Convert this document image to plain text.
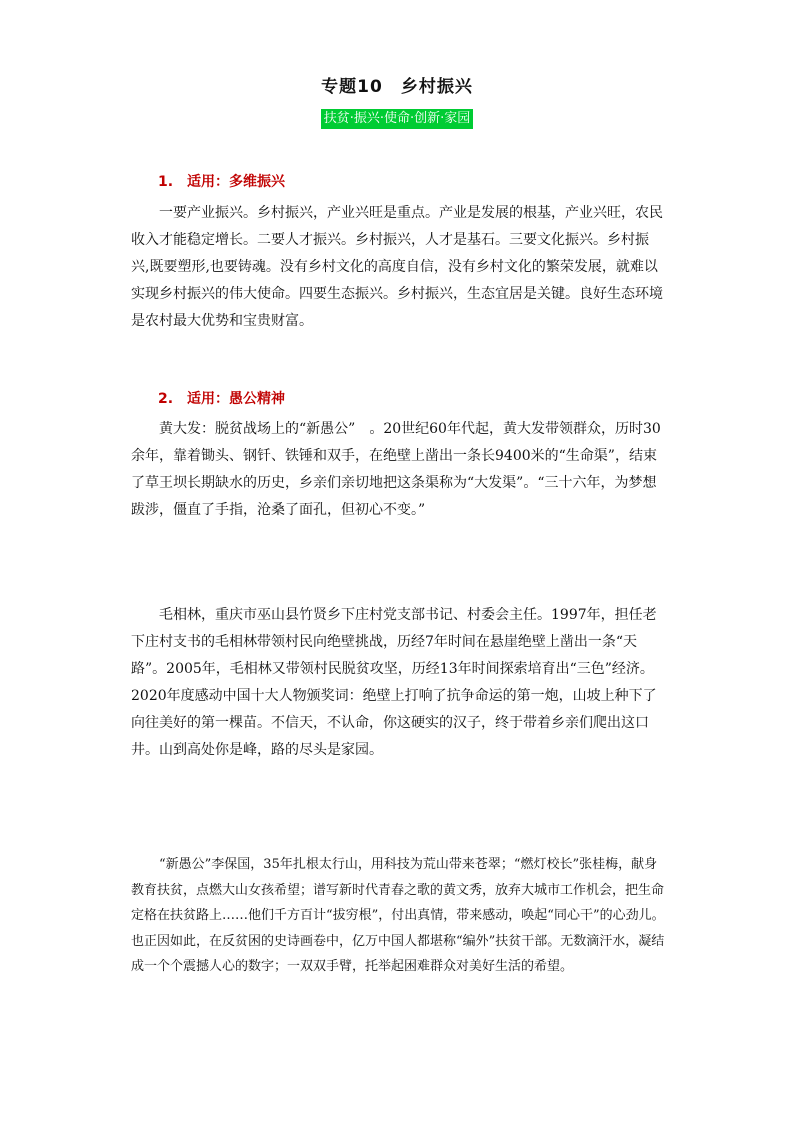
专题10　乡村振兴
扶贫·振兴·使命·创新·家园
1.　适用：多维振兴

一要产业振兴。乡村振兴，产业兴旺是重点。产业是发展的根基，产业兴旺，农民收入才能稳定增长。二要人才振兴。乡村振兴，人才是基石。三要文化振兴。乡村振兴,既要塑形,也要铸魂。没有乡村文化的高度自信，没有乡村文化的繁荣发展，就难以实现乡村振兴的伟大使命。四要生态振兴。乡村振兴，生态宜居是关键。良好生态环境是农村最大优势和宝贵财富。

2.　适用：愚公精神

黄大发：脱贫战场上的“新愚公”　。20世纪60年代起，黄大发带领群众，历时30余年，靠着锄头、钢钎、铁锤和双手，在绝壁上凿出一条长9400米的“生命渠”，结束了草王坝长期缺水的历史，乡亲们亲切地把这条渠称为“大发渠”。“三十六年，为梦想跋涉，僵直了手指，沧桑了面孔，但初心不变。”

毛相林，重庆市巫山县竹贤乡下庄村党支部书记、村委会主任。1997年，担任老下庄村支书的毛相林带领村民向绝壁挑战，历经7年时间在悬崖绝壁上凿出一条“天路”。2005年，毛相林又带领村民脱贫攻坚，历经13年时间探索培育出“三色”经济。2020年度感动中国十大人物颁奖词：绝壁上打响了抗争命运的第一炮，山坡上种下了向往美好的第一棵苗。不信天，不认命，你这硬实的汉子，终于带着乡亲们爬出这口井。山到高处你是峰，路的尽头是家园。

“新愚公”李保国，35年扎根太行山，用科技为荒山带来苍翠；“燃灯校长”张桂梅，献身教育扶贫，点燃大山女孩希望；谱写新时代青春之歌的黄文秀，放弃大城市工作机会，把生命定格在扶贫路上……他们千方百计“拔穷根”，付出真情，带来感动，唤起“同心干”的心劲儿。也正因如此，在反贫困的史诗画卷中，亿万中国人都堪称“编外”扶贫干部。无数滴汗水，凝结成一个个震撼人心的数字；一双双手臂，托举起困难群众对美好生活的希望。
